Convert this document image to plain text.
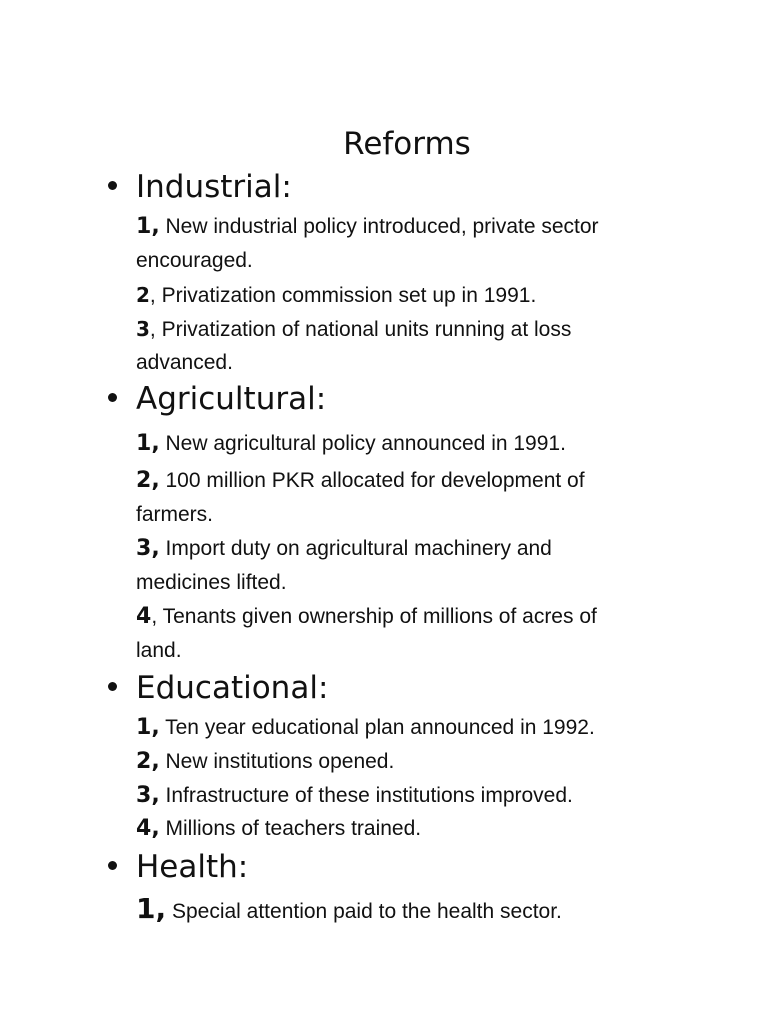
Reforms
Industrial:
1, New industrial policy introduced, private sector
encouraged.
2, Privatization commission set up in 1991.
3, Privatization of national units running at loss
advanced.
Agricultural:
1, New agricultural policy announced in 1991.
2, 100 million PKR allocated for development of
farmers.
3, Import duty on agricultural machinery and
medicines lifted.
4, Tenants given ownership of millions of acres of
land.
Educational:
1, Ten year educational plan announced in 1992.
2, New institutions opened.
3, Infrastructure of these institutions improved.
4, Millions of teachers trained.
Health:
1, Special attention paid to the health sector.
